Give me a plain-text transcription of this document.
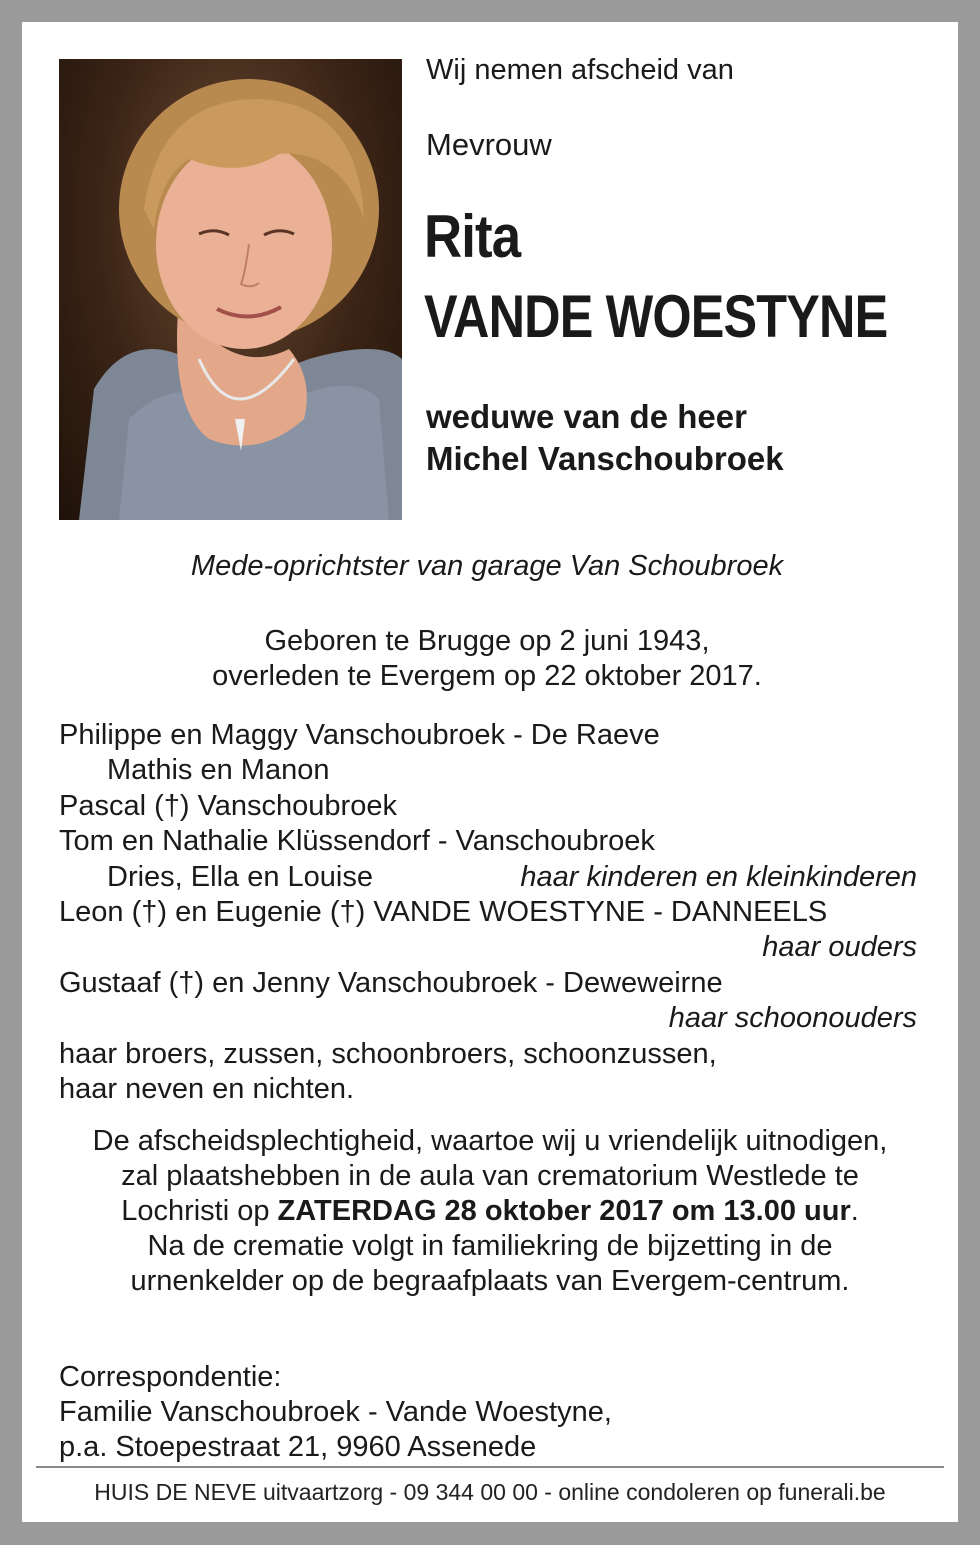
Wij nemen afscheid van
Mevrouw
Rita
VANDE WOESTYNE
weduwe van de heer
Michel Vanschoubroek
Mede-oprichtster van garage Van Schoubroek
Geboren te Brugge op 2 juni 1943,
overleden te Evergem op 22 oktober 2017.
Philippe en Maggy Vanschoubroek - De Raeve
Mathis en Manon
Pascal (†) Vanschoubroek
Tom en Nathalie Klüssendorf - Vanschoubroek
Dries, Ella en Louise	haar kinderen en kleinkinderen
Leon (†) en Eugenie (†) VANDE WOESTYNE - DANNEELS
haar ouders
Gustaaf (†) en Jenny Vanschoubroek - Deweweirne
haar schoonouders
haar broers, zussen, schoonbroers, schoonzussen,
haar neven en nichten.
De afscheidsplechtigheid, waartoe wij u vriendelijk uitnodigen,
zal plaatshebben in de aula van crematorium Westlede te
Lochristi op ZATERDAG 28 oktober 2017 om 13.00 uur.
Na de crematie volgt in familiekring de bijzetting in de
urnenkelder op de begraafplaats van Evergem-centrum.
Correspondentie:
Familie Vanschoubroek - Vande Woestyne,
p.a. Stoepestraat 21, 9960 Assenede
HUIS DE NEVE uitvaartzorg - 09 344 00 00 - online condoleren op funerali.be
